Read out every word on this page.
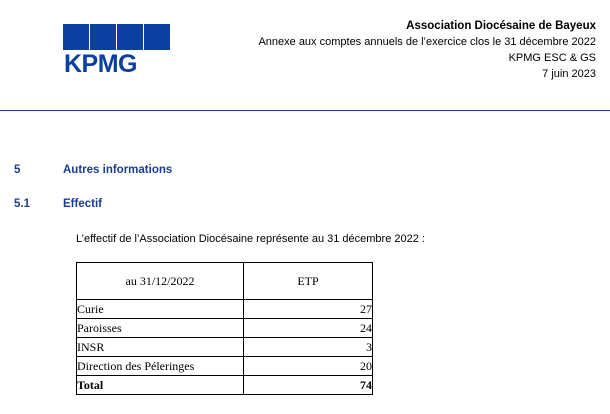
KPMG
Association Diocésaine de Bayeux
Annexe aux comptes annuels de l’exercice clos le 31 décembre 2022
KPMG ESC & GS
7 juin 2023
5	Autres informations
5.1	Effectif
L’effectif de l’Association Diocésaine représente au 31 décembre 2022 :
au 31/12/2022	ETP
Curie	27
Paroisses	24
INSR	3
Direction des Péleringes	20
Total	74
